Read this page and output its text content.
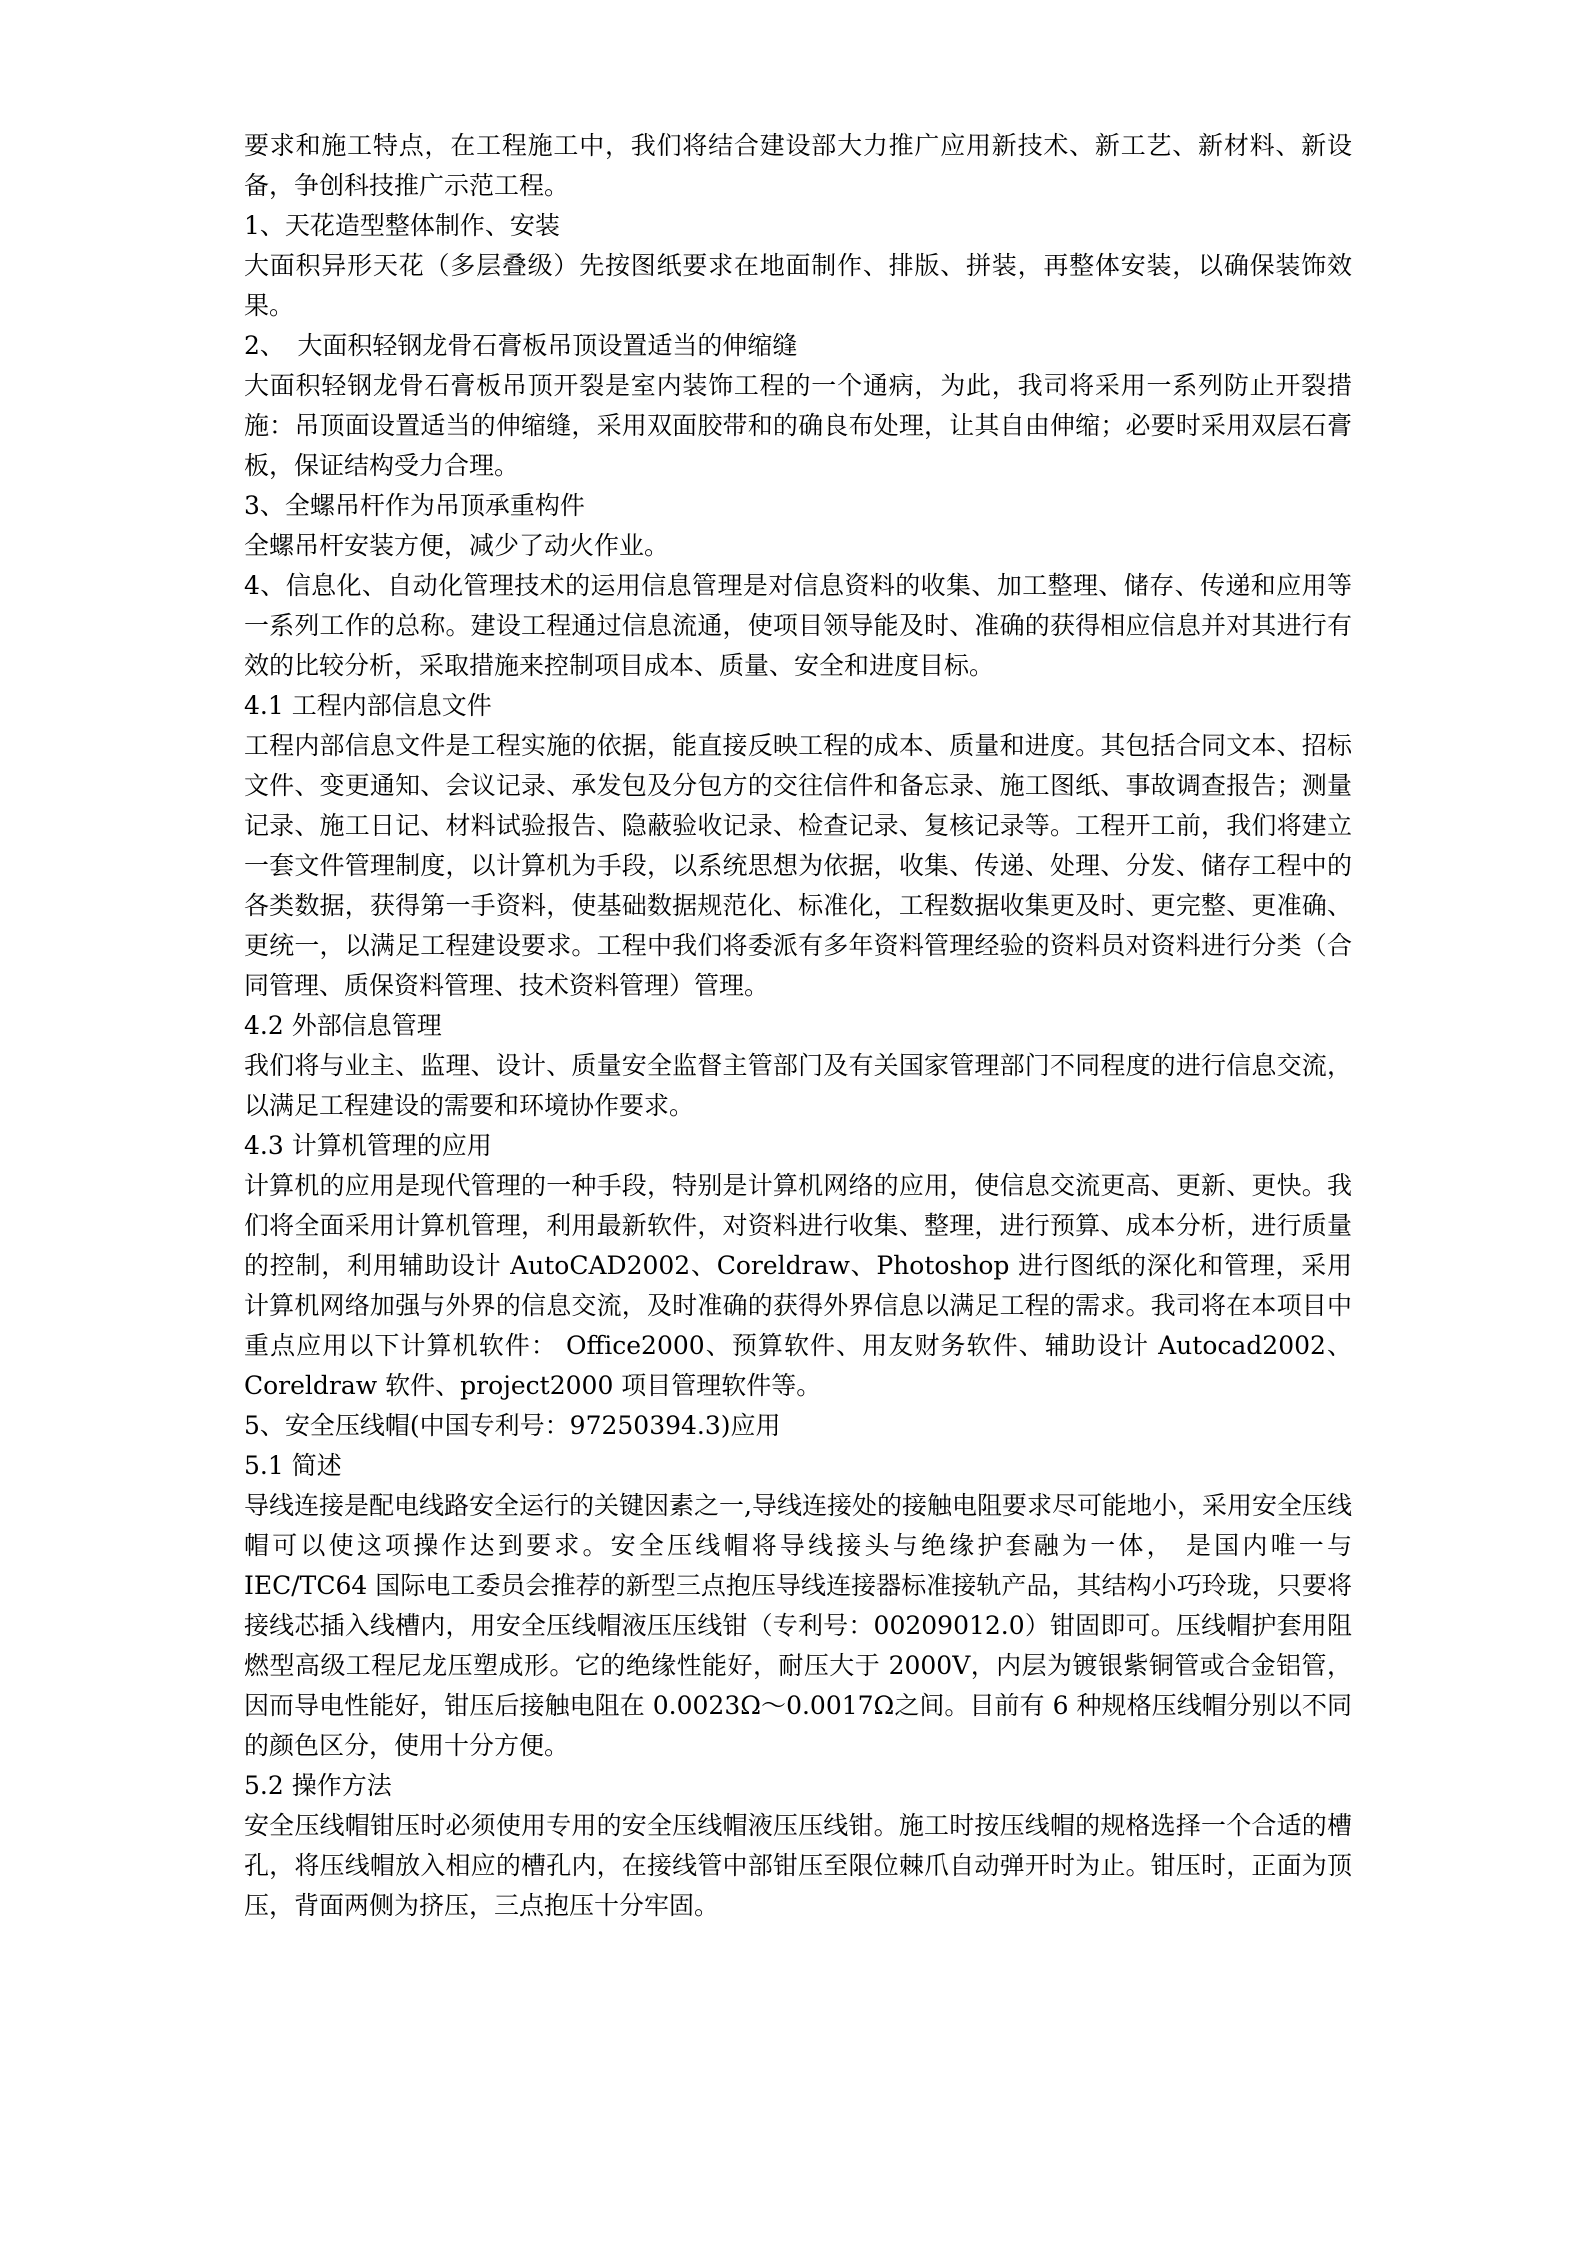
要求和施工特点，在工程施工中，我们将结合建设部大力推广应用新技术、新工艺、新材料、新设备，争创科技推广示范工程。

1、天花造型整体制作、安装

大面积异形天花（多层叠级）先按图纸要求在地面制作、排版、拼装，再整体安装，以确保装饰效果。

2、　大面积轻钢龙骨石膏板吊顶设置适当的伸缩缝

大面积轻钢龙骨石膏板吊顶开裂是室内装饰工程的一个通病，为此，我司将采用一系列防止开裂措施：吊顶面设置适当的伸缩缝，采用双面胶带和的确良布处理，让其自由伸缩；必要时采用双层石膏板，保证结构受力合理。

3、全螺吊杆作为吊顶承重构件

全螺吊杆安装方便，减少了动火作业。

4、信息化、自动化管理技术的运用信息管理是对信息资料的收集、加工整理、储存、传递和应用等一系列工作的总称。建设工程通过信息流通，使项目领导能及时、准确的获得相应信息并对其进行有效的比较分析，采取措施来控制项目成本、质量、安全和进度目标。

4.1 工程内部信息文件

工程内部信息文件是工程实施的依据，能直接反映工程的成本、质量和进度。其包括合同文本、招标文件、变更通知、会议记录、承发包及分包方的交往信件和备忘录、施工图纸、事故调查报告；测量记录、施工日记、材料试验报告、隐蔽验收记录、检查记录、复核记录等。工程开工前，我们将建立一套文件管理制度，以计算机为手段，以系统思想为依据，收集、传递、处理、分发、储存工程中的各类数据，获得第一手资料，使基础数据规范化、标准化，工程数据收集更及时、更完整、更准确、更统一，以满足工程建设要求。工程中我们将委派有多年资料管理经验的资料员对资料进行分类（合同管理、质保资料管理、技术资料管理）管理。

4.2 外部信息管理

我们将与业主、监理、设计、质量安全监督主管部门及有关国家管理部门不同程度的进行信息交流，以满足工程建设的需要和环境协作要求。

4.3 计算机管理的应用

计算机的应用是现代管理的一种手段，特别是计算机网络的应用，使信息交流更高、更新、更快。我们将全面采用计算机管理，利用最新软件，对资料进行收集、整理，进行预算、成本分析，进行质量的控制，利用辅助设计 AutoCAD2002、Coreldraw、Photoshop 进行图纸的深化和管理，采用计算机网络加强与外界的信息交流，及时准确的获得外界信息以满足工程的需求。我司将在本项目中重点应用以下计算机软件： Office2000、预算软件、用友财务软件、辅助设计 Autocad2002、Coreldraw 软件、project2000 项目管理软件等。

5、安全压线帽(中国专利号：97250394.3)应用

5.1 简述

导线连接是配电线路安全运行的关键因素之一,导线连接处的接触电阻要求尽可能地小，采用安全压线帽可以使这项操作达到要求。安全压线帽将导线接头与绝缘护套融为一体， 是国内唯一与 IEC/TC64 国际电工委员会推荐的新型三点抱压导线连接器标准接轨产品，其结构小巧玲珑，只要将接线芯插入线槽内，用安全压线帽液压压线钳（专利号：00209012.0）钳固即可。压线帽护套用阻燃型高级工程尼龙压塑成形。它的绝缘性能好，耐压大于 2000V，内层为镀银紫铜管或合金铝管，因而导电性能好，钳压后接触电阻在 0.0023Ω～0.0017Ω之间。目前有 6 种规格压线帽分别以不同的颜色区分，使用十分方便。

5.2 操作方法

安全压线帽钳压时必须使用专用的安全压线帽液压压线钳。施工时按压线帽的规格选择一个合适的槽孔，将压线帽放入相应的槽孔内，在接线管中部钳压至限位棘爪自动弹开时为止。钳压时，正面为顶压，背面两侧为挤压，三点抱压十分牢固。
